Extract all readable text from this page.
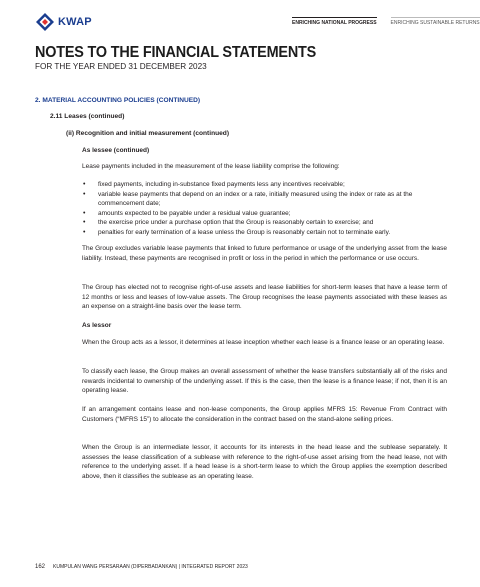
KWAP	ENRICHING NATIONAL PROGRESS	ENRICHING SUSTAINABLE RETURNS
NOTES TO THE FINANCIAL STATEMENTS
FOR THE YEAR ENDED 31 DECEMBER 2023
2. MATERIAL ACCOUNTING POLICIES (CONTINUED)
2.11 Leases (continued)
(ii) Recognition and initial measurement (continued)
As lessee (continued)
Lease payments included in the measurement of the lease liability comprise the following:
• fixed payments, including in-substance fixed payments less any incentives receivable;
• variable lease payments that depend on an index or a rate, initially measured using the index or rate as at the commencement date;
• amounts expected to be payable under a residual value guarantee;
• the exercise price under a purchase option that the Group is reasonably certain to exercise; and
• penalties for early termination of a lease unless the Group is reasonably certain not to terminate early.
The Group excludes variable lease payments that linked to future performance or usage of the underlying asset from the lease liability. Instead, these payments are recognised in profit or loss in the period in which the performance or use occurs.
The Group has elected not to recognise right-of-use assets and lease liabilities for short-term leases that have a lease term of 12 months or less and leases of low-value assets. The Group recognises the lease payments associated with these leases as an expense on a straight-line basis over the lease term.
As lessor
When the Group acts as a lessor, it determines at lease inception whether each lease is a finance lease or an operating lease.
To classify each lease, the Group makes an overall assessment of whether the lease transfers substantially all of the risks and rewards incidental to ownership of the underlying asset. If this is the case, then the lease is a finance lease; if not, then it is an operating lease.
If an arrangement contains lease and non-lease components, the Group applies MFRS 15: Revenue From Contract with Customers (“MFRS 15”) to allocate the consideration in the contract based on the stand-alone selling prices.
When the Group is an intermediate lessor, it accounts for its interests in the head lease and the sublease separately. It assesses the lease classification of a sublease with reference to the right-of-use asset arising from the head lease, not with reference to the underlying asset. If a head lease is a short-term lease to which the Group applies the exemption described above, then it classifies the sublease as an operating lease.
162 KUMPULAN WANG PERSARAAN (DIPERBADANKAN) | INTEGRATED REPORT 2023
